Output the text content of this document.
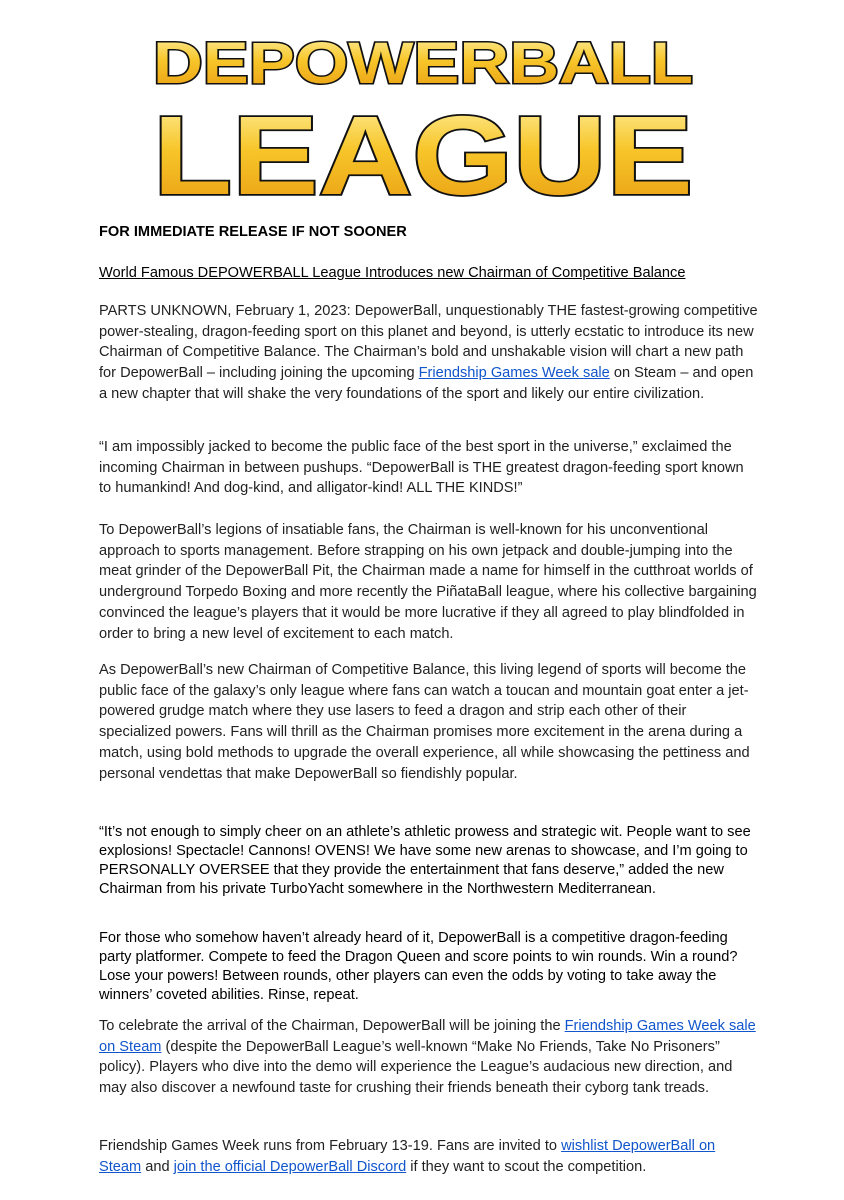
DEPOWERBALL
LEAGUE

FOR IMMEDIATE RELEASE IF NOT SOONER

World Famous DEPOWERBALL League Introduces new Chairman of Competitive Balance

PARTS UNKNOWN, February 1, 2023: DepowerBall, unquestionably THE fastest-growing competitive power-stealing, dragon-feeding sport on this planet and beyond, is utterly ecstatic to introduce its new Chairman of Competitive Balance. The Chairman’s bold and unshakable vision will chart a new path for DepowerBall – including joining the upcoming Friendship Games Week sale on Steam – and open a new chapter that will shake the very foundations of the sport and likely our entire civilization.

“I am impossibly jacked to become the public face of the best sport in the universe,” exclaimed the incoming Chairman in between pushups. “DepowerBall is THE greatest dragon-feeding sport known to humankind! And dog-kind, and alligator-kind! ALL THE KINDS!”

To DepowerBall’s legions of insatiable fans, the Chairman is well-known for his unconventional approach to sports management. Before strapping on his own jetpack and double-jumping into the meat grinder of the DepowerBall Pit, the Chairman made a name for himself in the cutthroat worlds of underground Torpedo Boxing and more recently the PiñataBall league, where his collective bargaining convinced the league’s players that it would be more lucrative if they all agreed to play blindfolded in order to bring a new level of excitement to each match.

As DepowerBall’s new Chairman of Competitive Balance, this living legend of sports will become the public face of the galaxy’s only league where fans can watch a toucan and mountain goat enter a jet-powered grudge match where they use lasers to feed a dragon and strip each other of their specialized powers. Fans will thrill as the Chairman promises more excitement in the arena during a match, using bold methods to upgrade the overall experience, all while showcasing the pettiness and personal vendettas that make DepowerBall so fiendishly popular.

“It’s not enough to simply cheer on an athlete’s athletic prowess and strategic wit. People want to see explosions! Spectacle! Cannons! OVENS! We have some new arenas to showcase, and I’m going to PERSONALLY OVERSEE that they provide the entertainment that fans deserve,” added the new Chairman from his private TurboYacht somewhere in the Northwestern Mediterranean.

For those who somehow haven’t already heard of it, DepowerBall is a competitive dragon-feeding party platformer. Compete to feed the Dragon Queen and score points to win rounds. Win a round? Lose your powers! Between rounds, other players can even the odds by voting to take away the winners’ coveted abilities. Rinse, repeat.

To celebrate the arrival of the Chairman, DepowerBall will be joining the Friendship Games Week sale on Steam (despite the DepowerBall League’s well-known “Make No Friends, Take No Prisoners” policy). Players who dive into the demo will experience the League’s audacious new direction, and may also discover a newfound taste for crushing their friends beneath their cyborg tank treads.

Friendship Games Week runs from February 13-19. Fans are invited to wishlist DepowerBall on Steam and join the official DepowerBall Discord if they want to scout the competition.
